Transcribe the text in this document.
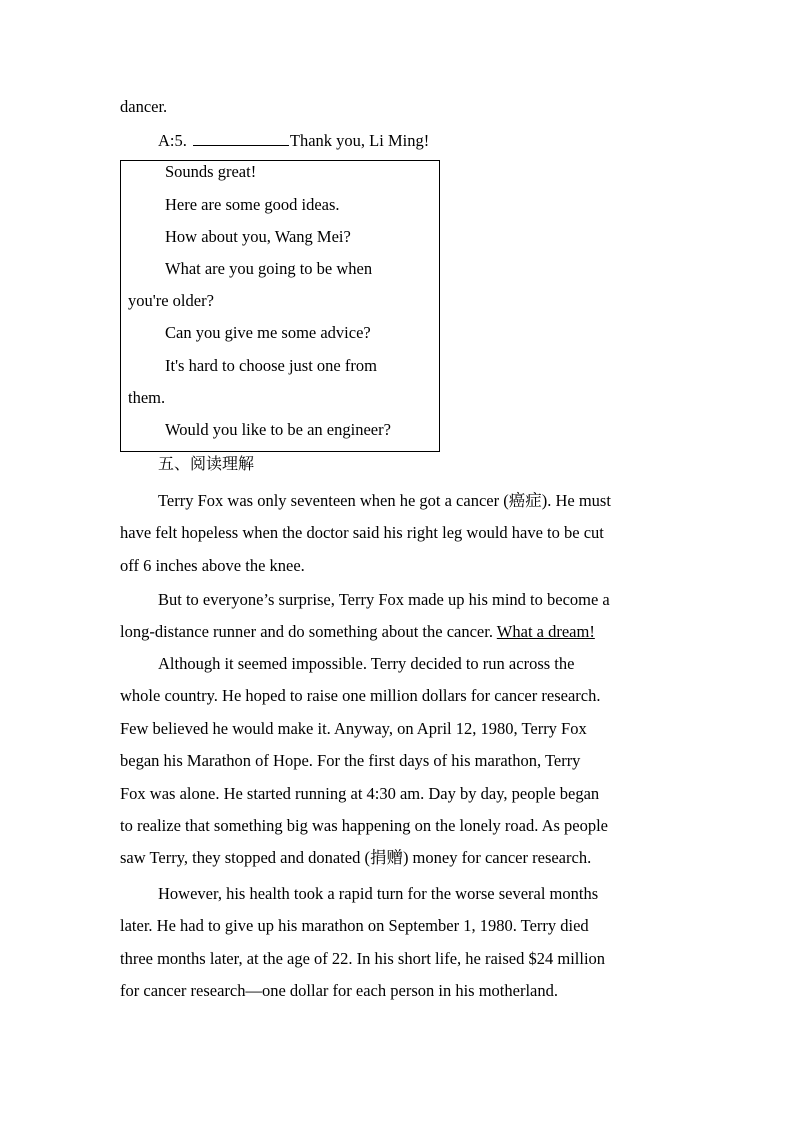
dancer.
A:5.	Thank you, Li Ming!
Sounds great!
Here are some good ideas.
How about you, Wang Mei?
What are you going to be when
you're older?
Can you give me some advice?
It's hard to choose just one from
them.
Would you like to be an engineer?
五、阅读理解
Terry Fox was only seventeen when he got a cancer (癌症). He must
have felt hopeless when the doctor said his right leg would have to be cut
off 6 inches above the knee.
But to everyone’s surprise, Terry Fox made up his mind to become a
long-distance runner and do something about the cancer. What a dream!
Although it seemed impossible. Terry decided to run across the
whole country. He hoped to raise one million dollars for cancer research.
Few believed he would make it. Anyway, on April 12, 1980, Terry Fox
began his Marathon of Hope. For the first days of his marathon, Terry
Fox was alone. He started running at 4:30 am. Day by day, people began
to realize that something big was happening on the lonely road. As people
saw Terry, they stopped and donated (捐赠) money for cancer research.
However, his health took a rapid turn for the worse several months
later. He had to give up his marathon on September 1, 1980. Terry died
three months later, at the age of 22. In his short life, he raised $24 million
for cancer research—one dollar for each person in his motherland.
